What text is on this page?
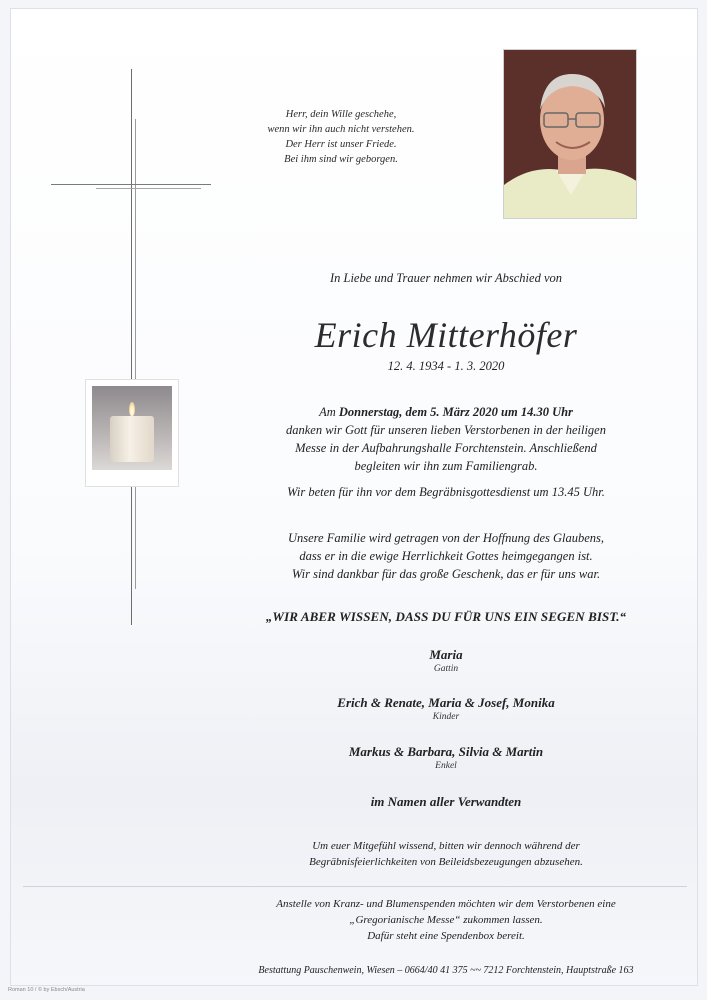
Herr, dein Wille geschehe,
wenn wir ihn auch nicht verstehen.
Der Herr ist unser Friede.
Bei ihm sind wir geborgen.
In Liebe und Trauer nehmen wir Abschied von
Erich Mitterhöfer
12. 4. 1934 - 1. 3. 2020
Am Donnerstag, dem 5. März 2020 um 14.30 Uhr
danken wir Gott für unseren lieben Verstorbenen in der heiligen
Messe in der Aufbahrungshalle Forchtenstein. Anschließend
begleiten wir ihn zum Familiengrab.
Wir beten für ihn vor dem Begräbnisgottesdienst um 13.45 Uhr.
Unsere Familie wird getragen von der Hoffnung des Glaubens,
dass er in die ewige Herrlichkeit Gottes heimgegangen ist.
Wir sind dankbar für das große Geschenk, das er für uns war.
„WIR ABER WISSEN, DASS DU FÜR UNS EIN SEGEN BIST.“
Maria
Gattin
Erich & Renate, Maria & Josef, Monika
Kinder
Markus & Barbara, Silvia & Martin
Enkel
im Namen aller Verwandten
Um euer Mitgefühl wissend, bitten wir dennoch während der
Begräbnisfeierlichkeiten von Beileidsbezeugungen abzusehen.
Anstelle von Kranz- und Blumenspenden möchten wir dem Verstorbenen eine
„Gregorianische Messe“ zukommen lassen.
Dafür steht eine Spendenbox bereit.
Bestattung Pauschenwein, Wiesen – 0664/40 41 375 ~~ 7212 Forchtenstein, Hauptstraße 163
Roman 10 / © by Ebsch/Austria
